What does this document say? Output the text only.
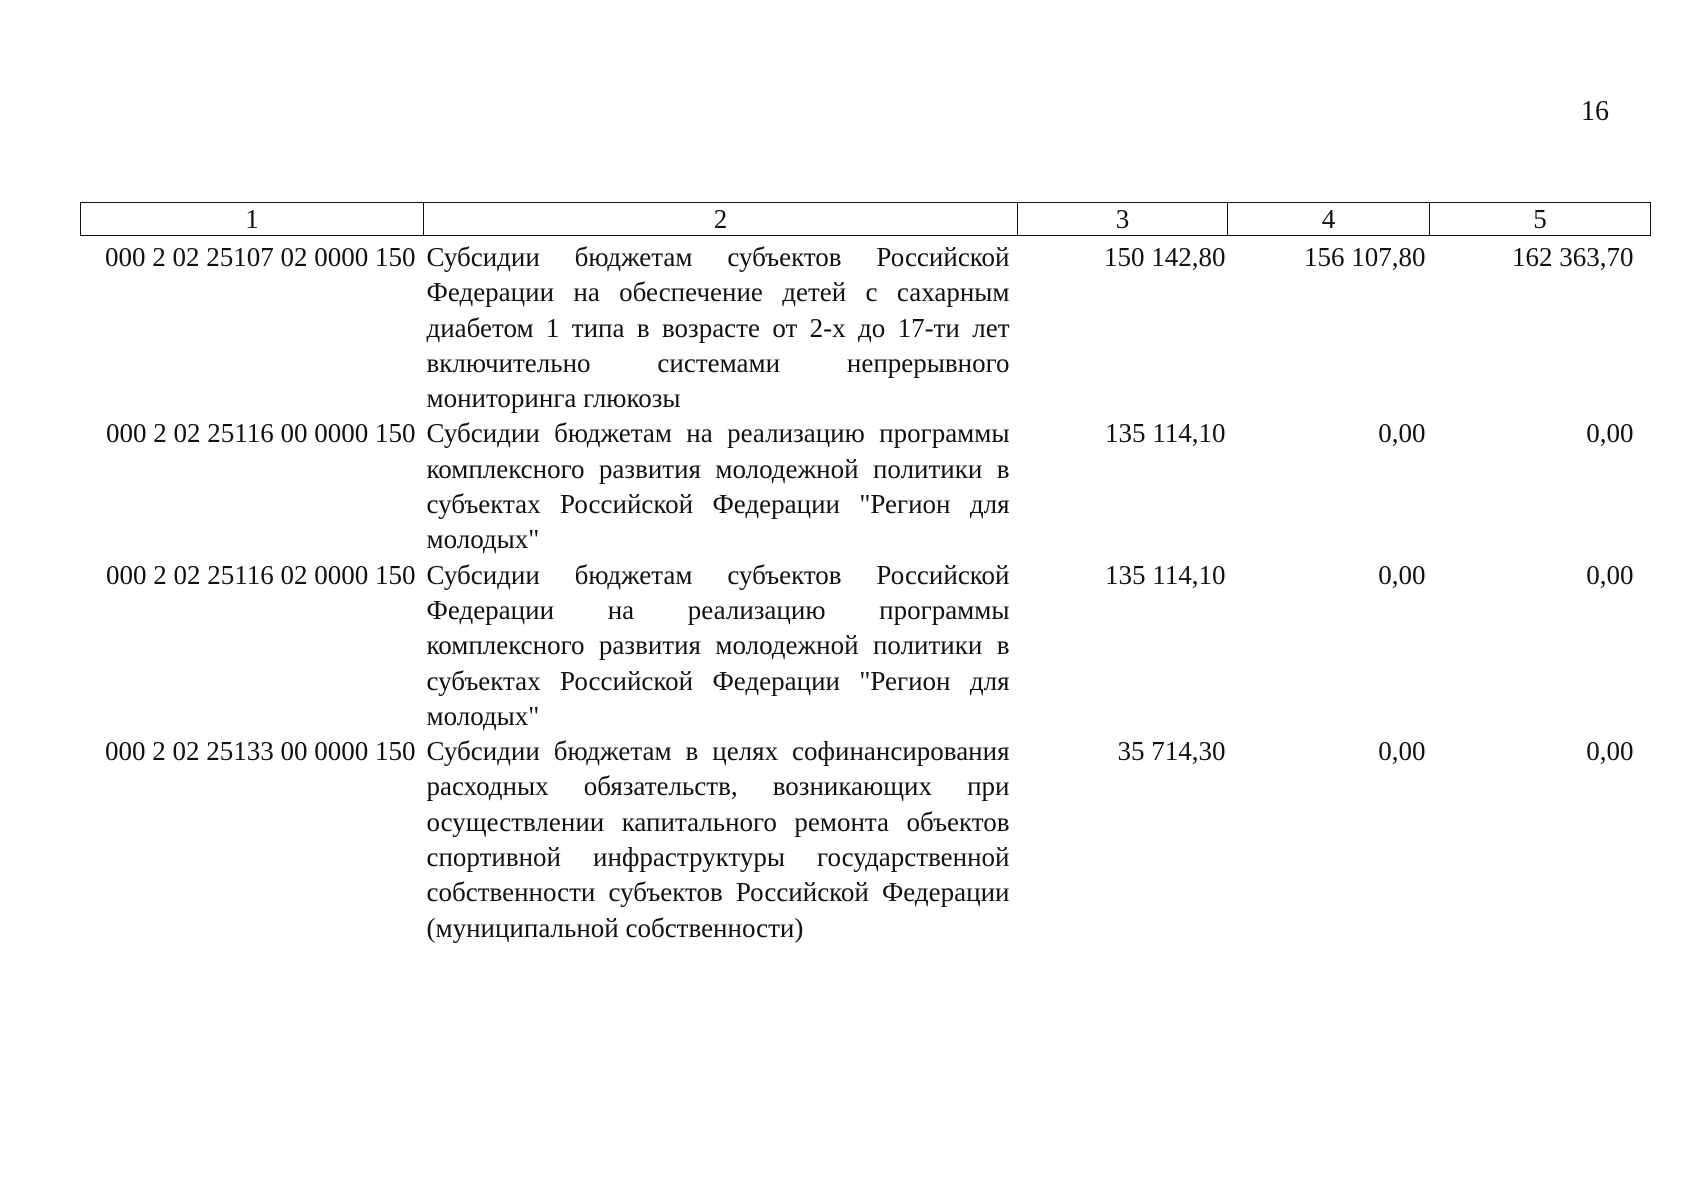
16
1	2	3	4	5
000 2 02 25107 02 0000 150	Субсидии бюджетам субъектов Российской Федерации на обеспечение детей с сахарным диабетом 1 типа в возрасте от 2-х до 17-ти лет включительно системами непрерывного мониторинга глюкозы	150 142,80	156 107,80	162 363,70
000 2 02 25116 00 0000 150	Субсидии бюджетам на реализацию программы комплексного развития молодежной политики в субъектах Российской Федерации "Регион для молодых"	135 114,10	0,00	0,00
000 2 02 25116 02 0000 150	Субсидии бюджетам субъектов Российской Федерации на реализацию программы комплексного развития молодежной политики в субъектах Российской Федерации "Регион для молодых"	135 114,10	0,00	0,00
000 2 02 25133 00 0000 150	Субсидии бюджетам в целях софинансирования расходных обязательств, возникающих при осуществлении капитального ремонта объектов спортивной инфраструктуры государственной собственности субъектов Российской Федерации (муниципальной собственности)	35 714,30	0,00	0,00
